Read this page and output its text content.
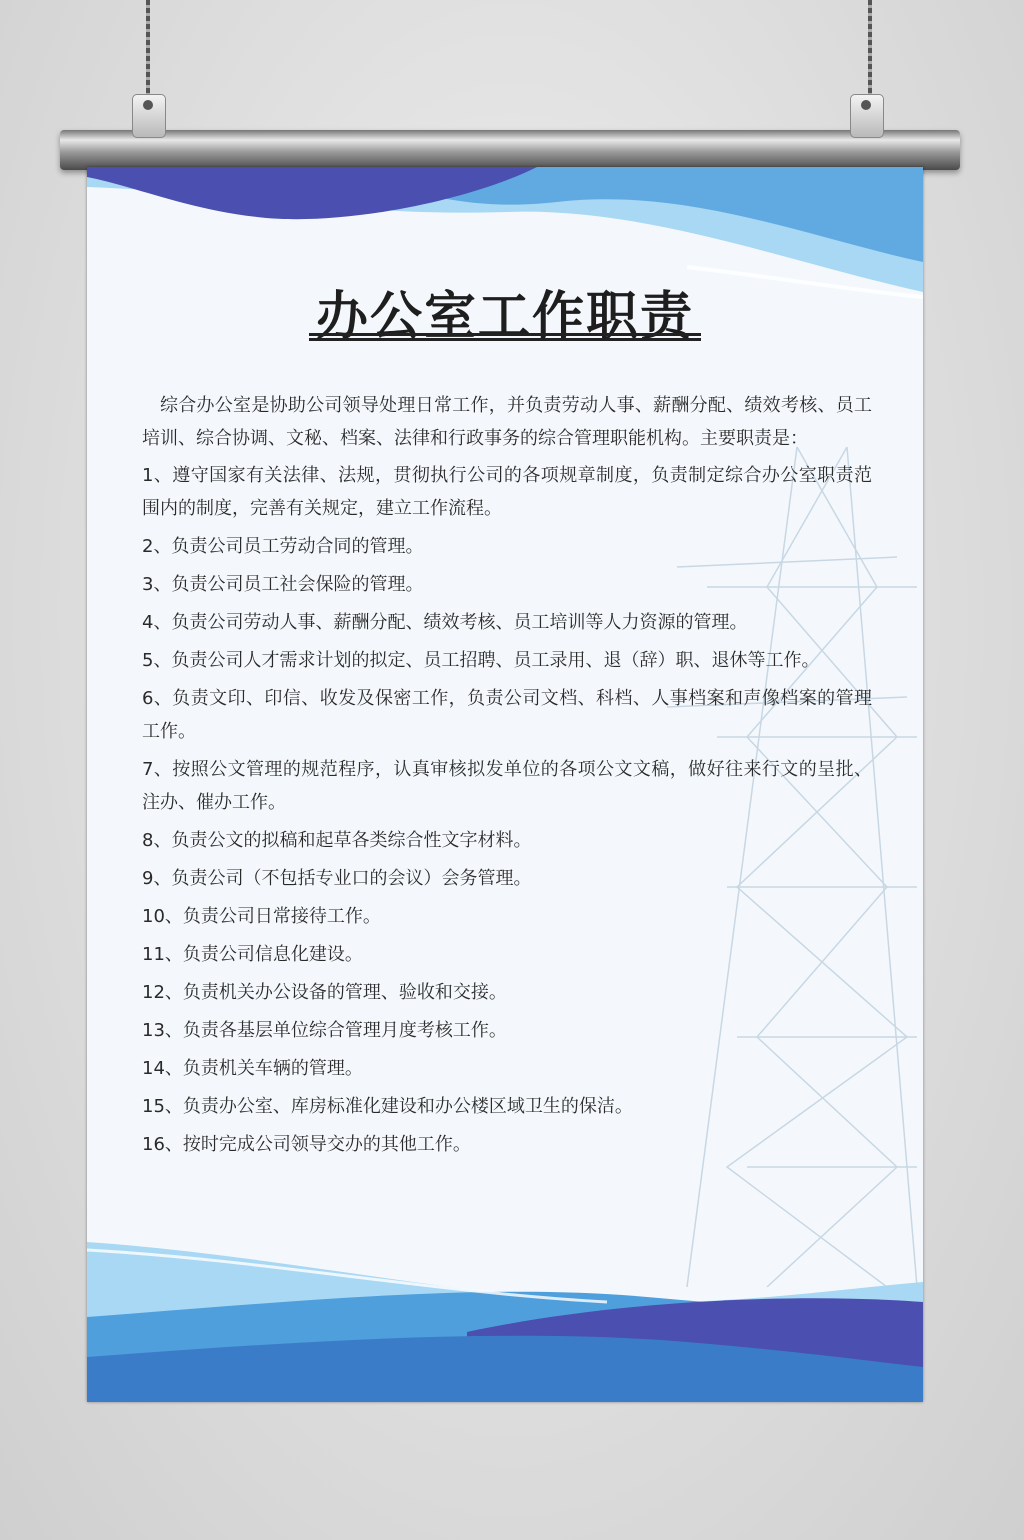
办公室工作职责

综合办公室是协助公司领导处理日常工作，并负责劳动人事、薪酬分配、绩效考核、员工培训、综合协调、文秘、档案、法律和行政事务的综合管理职能机构。主要职责是：

1、遵守国家有关法律、法规，贯彻执行公司的各项规章制度，负责制定综合办公室职责范围内的制度，完善有关规定，建立工作流程。
2、负责公司员工劳动合同的管理。
3、负责公司员工社会保险的管理。
4、负责公司劳动人事、薪酬分配、绩效考核、员工培训等人力资源的管理。
5、负责公司人才需求计划的拟定、员工招聘、员工录用、退（辞）职、退休等工作。
6、负责文印、印信、收发及保密工作，负责公司文档、科档、人事档案和声像档案的管理工作。
7、按照公文管理的规范程序，认真审核拟发单位的各项公文文稿，做好往来行文的呈批、注办、催办工作。
8、负责公文的拟稿和起草各类综合性文字材料。
9、负责公司（不包括专业口的会议）会务管理。
10、负责公司日常接待工作。
11、负责公司信息化建设。
12、负责机关办公设备的管理、验收和交接。
13、负责各基层单位综合管理月度考核工作。
14、负责机关车辆的管理。
15、负责办公室、库房标准化建设和办公楼区域卫生的保洁。
16、按时完成公司领导交办的其他工作。
